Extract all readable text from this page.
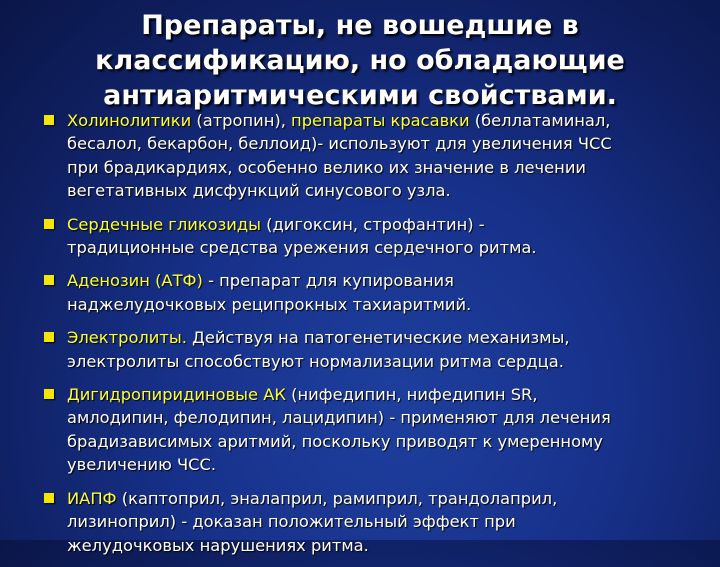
Препараты, не вошедшие в
классификацию, но обладающие
антиаритмическими свойствами.
Холинолитики (атропин), препараты красавки (беллатаминал,
бесалол, бекарбон, беллоид)- используют для увеличения ЧСС
при брадикардиях, особенно велико их значение в лечении
вегетативных дисфункций синусового узла.
Сердечные гликозиды (дигоксин, строфантин) -
традиционные средства урежения сердечного ритма.
Аденозин (АТФ) - препарат для купирования
наджелудочковых реципрокных тахиаритмий.
Электролиты. Действуя на патогенетические механизмы,
электролиты способствуют нормализации ритма сердца.
Дигидропиридиновые АК (нифедипин, нифедипин SR,
амлодипин, фелодипин, лацидипин) - применяют для лечения
брадизависимых аритмий, поскольку приводят к умеренному
увеличению ЧСС.
ИАПФ (каптоприл, эналаприл, рамиприл, трандолаприл,
лизиноприл) - доказан положительный эффект при
желудочковых нарушениях ритма.
